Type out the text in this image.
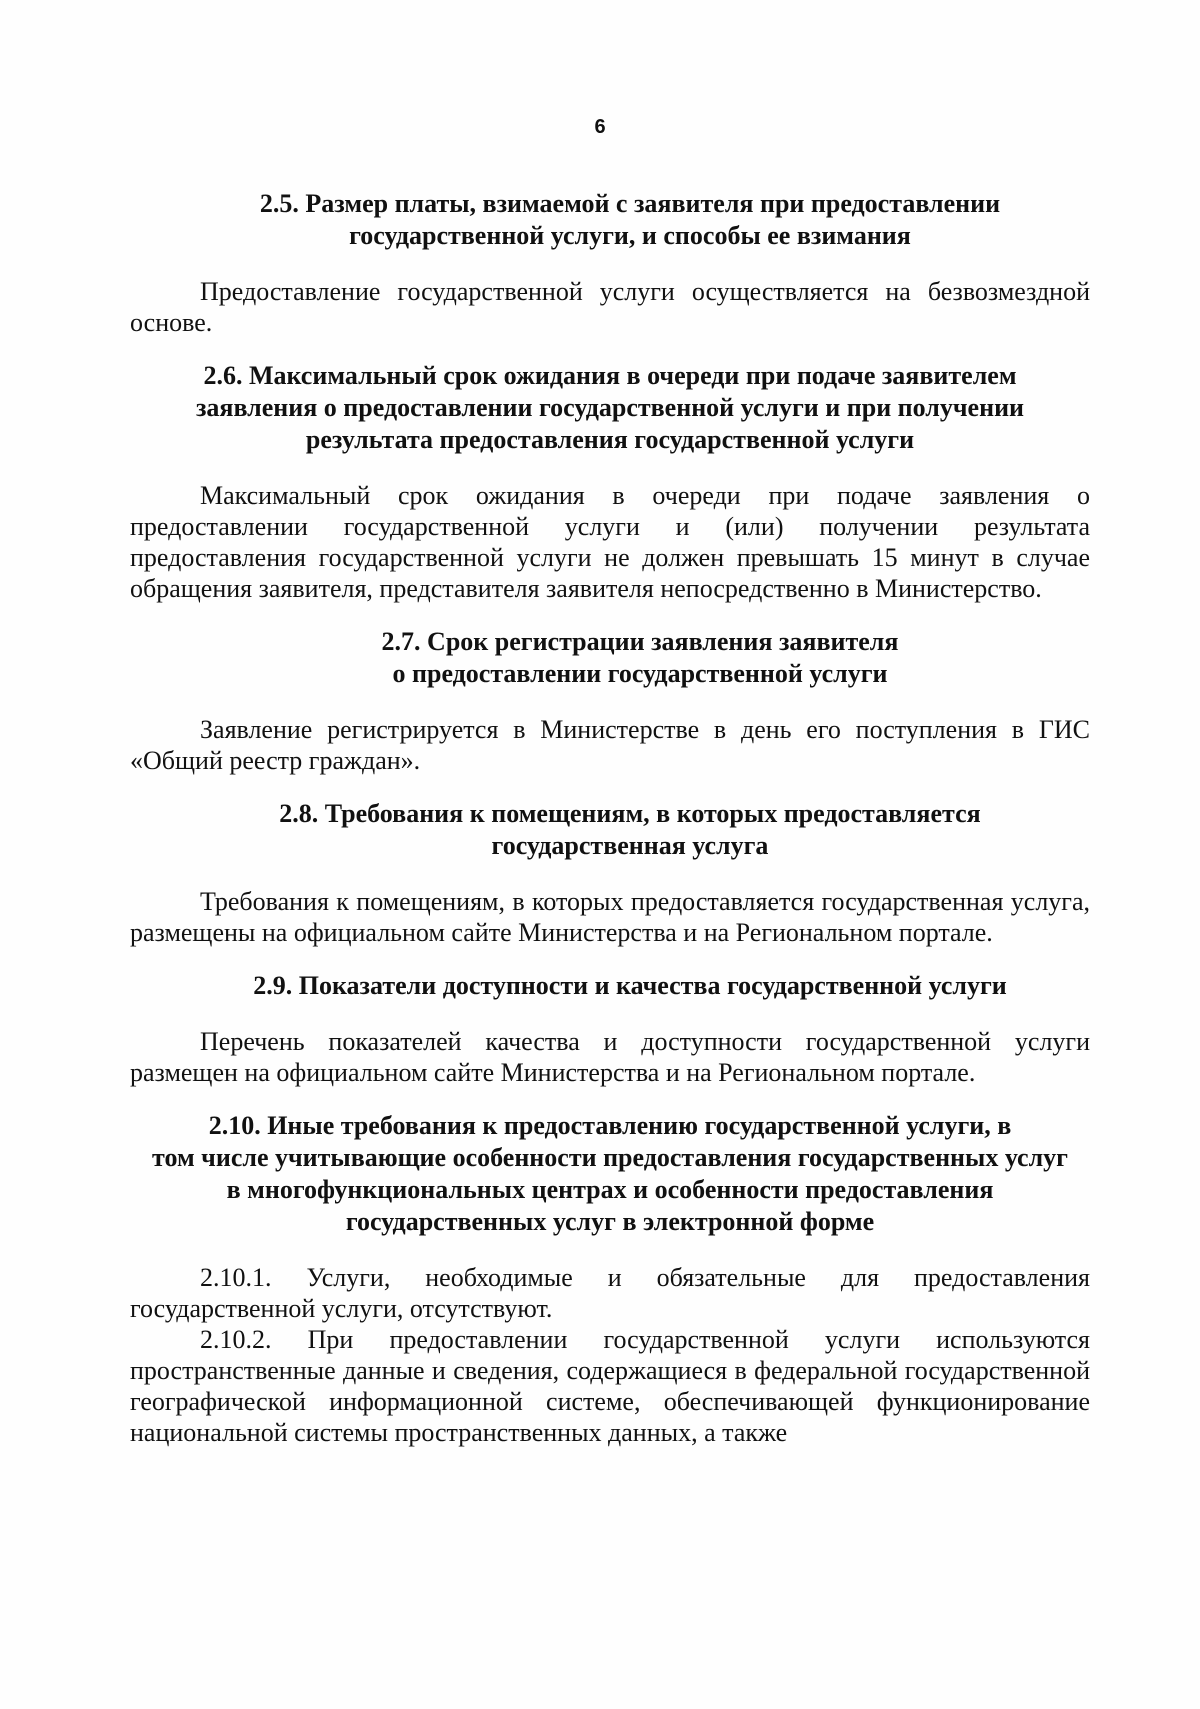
6
2.5. Размер платы, взимаемой с заявителя при предоставлении
государственной услуги, и способы ее взимания

Предоставление государственной услуги осуществляется на безвозмездной основе.

2.6. Максимальный срок ожидания в очереди при подаче заявителем
заявления о предоставлении государственной услуги и при получении
результата предоставления государственной услуги

Максимальный срок ожидания в очереди при подаче заявления о предоставлении государственной услуги и (или) получении результата предоставления государственной услуги не должен превышать 15 минут в случае обращения заявителя, представителя заявителя непосредственно в Министерство.

2.7. Срок регистрации заявления заявителя
о предоставлении государственной услуги

Заявление регистрируется в Министерстве в день его поступления в ГИС «Общий реестр граждан».

2.8. Требования к помещениям, в которых предоставляется
государственная услуга

Требования к помещениям, в которых предоставляется государственная услуга, размещены на официальном сайте Министерства и на Региональном портале.

2.9. Показатели доступности и качества государственной услуги

Перечень показателей качества и доступности государственной услуги размещен на официальном сайте Министерства и на Региональном портале.

2.10. Иные требования к предоставлению государственной услуги, в
том числе учитывающие особенности предоставления государственных услуг
в многофункциональных центрах и особенности предоставления
государственных услуг в электронной форме

2.10.1. Услуги, необходимые и обязательные для предоставления государственной услуги, отсутствуют.

2.10.2. При предоставлении государственной услуги используются пространственные данные и сведения, содержащиеся в федеральной государственной географической информационной системе, обеспечивающей функционирование национальной системы пространственных данных, а также
